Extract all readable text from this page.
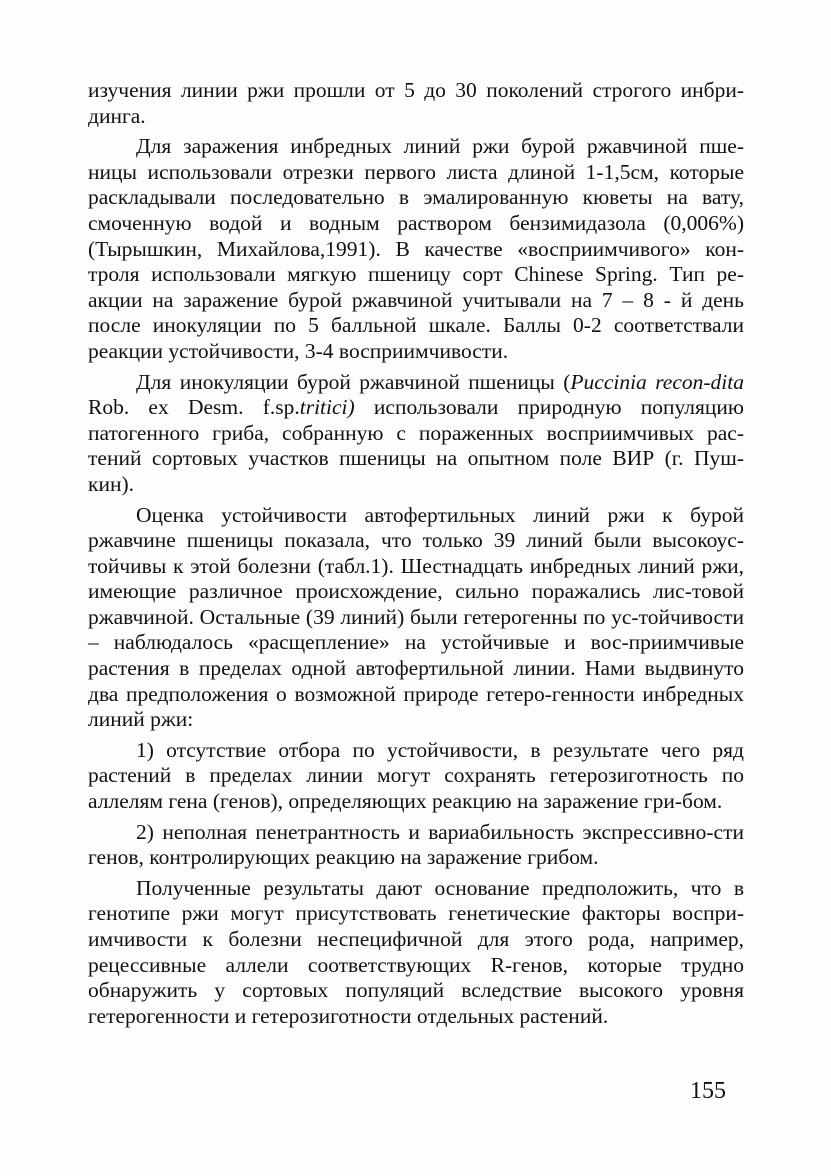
изучения линии ржи прошли от 5 до 30 поколений строгого инбри-динга.

Для заражения инбредных линий ржи бурой ржавчиной пше-ницы использовали отрезки первого листа длиной 1-1,5см, которые раскладывали последовательно в эмалированную кюветы на вату, смоченную водой и водным раствором бензимидазола (0,006%) (Тырышкин, Михайлова,1991). В качестве «восприимчивого» кон-троля использовали мягкую пшеницу сорт Chinese Spring. Тип ре-акции на заражение бурой ржавчиной учитывали на 7 – 8 - й день после инокуляции по 5 балльной шкале. Баллы 0-2 соответствали реакции устойчивости, 3-4 восприимчивости.

Для инокуляции бурой ржавчиной пшеницы (Puccinia recon-dita Rob. ex Desm. f.sp.tritici) использовали природную популяцию патогенного гриба, собранную с пораженных восприимчивых рас-тений сортовых участков пшеницы на опытном поле ВИР (г. Пуш-кин).

Оценка устойчивости автофертильных линий ржи к бурой ржавчине пшеницы показала, что только 39 линий были высокоус-тойчивы к этой болезни (табл.1). Шестнадцать инбредных линий ржи, имеющие различное происхождение, сильно поражались лис-товой ржавчиной. Остальные (39 линий) были гетерогенны по ус-тойчивости – наблюдалось «расщепление» на устойчивые и вос-приимчивые растения в пределах одной автофертильной линии. Нами выдвинуто два предположения о возможной природе гетеро-генности инбредных линий ржи:

1) отсутствие отбора по устойчивости, в результате чего ряд растений в пределах линии могут сохранять гетерозиготность по аллелям гена (генов), определяющих реакцию на заражение гри-бом.

2) неполная пенетрантность и вариабильность экспрессивно-сти генов, контролирующих реакцию на заражение грибом.

Полученные результаты дают основание предположить, что в генотипе ржи могут присутствовать генетические факторы воспри-имчивости к болезни неспецифичной для этого рода, например, рецессивные аллели соответствующих R-генов, которые трудно обнаружить у сортовых популяций вследствие высокого уровня гетерогенности и гетерозиготности отдельных растений.

155
